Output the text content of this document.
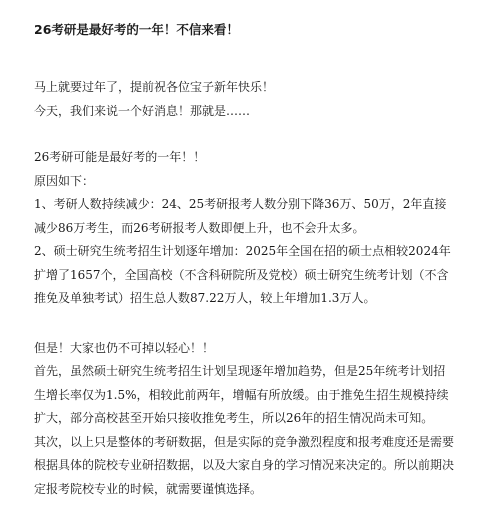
26考研是最好考的一年！不信来看！

马上就要过年了，提前祝各位宝子新年快乐！

今天，我们来说一个好消息！那就是……

26考研可能是最好考的一年！！

原因如下：

1、考研人数持续减少：24、25考研报考人数分别下降36万、50万，2年直接

减少86万考生，而26考研报考人数即便上升，也不会升太多。

2、硕士研究生统考招生计划逐年增加：2025年全国在招的硕士点相较2024年

扩增了1657个，全国高校（不含科研院所及党校）硕士研究生统考计划（不含

推免及单独考试）招生总人数87.22万人，较上年增加1.3万人。

但是！大家也仍不可掉以轻心！！

首先，虽然硕士研究生统考招生计划呈现逐年增加趋势，但是25年统考计划招

生增长率仅为1.5%，相较此前两年，增幅有所放缓。由于推免生招生规模持续

扩大，部分高校甚至开始只接收推免考生，所以26年的招生情况尚未可知。

其次，以上只是整体的考研数据，但是实际的竞争激烈程度和报考难度还是需要

根据具体的院校专业研招数据，以及大家自身的学习情况来决定的。所以前期决

定报考院校专业的时候，就需要谨慎选择。
